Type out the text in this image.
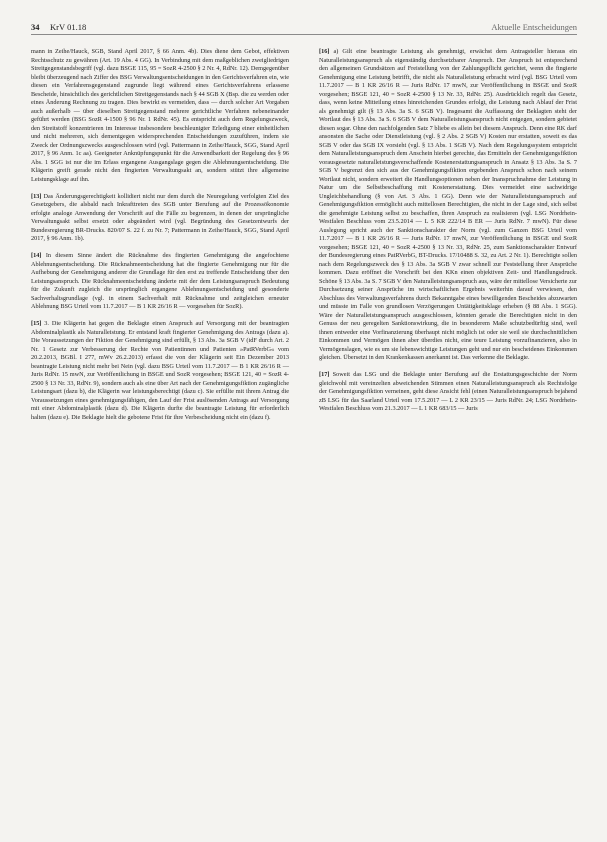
34 KrV 01.18	Aktuelle Entscheidungen

mann in Zeihe/Hauck, SGB, Stand April 2017, § 66 Anm. 4b). Dies diene dem Gebot, effektiven Rechtsschutz zu gewähren (Art. 19 Abs. 4 GG). In Verbindung mit dem maßgeblichen zweigliedrigen Streitgegenstandsbegriff (vgl. dazu BSGE 115, 95 = SozR 4-2500 § 2 Nr. 4, RdNr. 12). Demgegenüber bleibt überzeugend nach Ziffer des BSG Verwaltungsentscheidungen in den Gerichtsverfahren ein, wie diesen ein Verfahrensgegenstand zugrunde liegt während eines Gerichtsverfahrens erlassene Bescheide, hinsichtlich des gerichtlichen Streitgegenstands nach § 44 SGB X (Bsp. die zu werden oder eines Änderung Rechnung zu tragen. Dies bewirkt es vermeiden, dass — durch solcher Art Vorgaben auch außerhalb — über dieselben Streitgegenstand mehrere gerichtliche Verfahren nebeneinander geführt werden (BSG SozR 4-1500 § 96 Nr. 1 RdNr. 45). Es entspricht auch dem Regelungszweck, den Streitstoff konzentrieren im Interesse insbesondere beschleunigter Erledigung einer einheitlichen und nicht mehreren, sich dementgegen widersprechenden Entscheidungen zuzuführen, indem sie Zweck der Ordnungszwecks ausgeschlossen wird (vgl. Pattermann in Zeihe/Hauck, SGG, Stand April 2017, § 96 Anm. 1c aa). Geeigneter Anknüpfungspunkt für die Anwendbarkeit der Regelung des § 96 Abs. 1 SGG ist nur die im Erlass ergangene Ausgangslage gegen die Ablehnungsentscheidung. Die Klägerin greift gerade nicht den fingierten Verwaltungsakt an, sondern stützt ihre allgemeine Leistungsklage auf ihn.

[13] Das Änderungsgerechtigkeit kollidiert nicht nur dem durch die Neuregelung verfolgten Ziel des Gesetzgebers, die alsbald nach Inkrafttreten des SGB unter Berufung auf die Prozessökonomie erfolgte analoge Anwendung der Vorschrift auf die Fälle zu begrenzen, in denen der ursprüngliche Verwaltungsakt selbst ersetzt oder abgeändert wird (vgl. Begründung des Gesetzentwurfs der Bundesregierung BR-Drucks. 820/07 S. 22 f. zu Nr. 7; Pattermann in Zeihe/Hauck, SGG, Stand April 2017, § 96 Anm. 1b).

[14] In diesem Sinne ändert die Rücknahme des fingierten Genehmigung die angefochtene Ablehnungsentscheidung. Die Rücknahmeentscheidung hat die fingierte Genehmigung nur für die Aufhebung der Genehmigung anderer die Grundlage für den erst zu treffende Entscheidung über den Leistungsanspruch. Die Rücknahmeentscheidung änderte mit der dem Leistungsanspruch Bedeutung für die Zukunft zugleich die ursprünglich ergangene Ablehnungsentscheidung und gesonderte Sachverhaltsgrundlage (vgl. in einem Sachverhalt mit Rücknahme und zeitgleichen erneuter Ablehnung BSG Urteil vom 11.7.2017 — B 1 KR 26/16 R — vorgesehen für SozR).

[15] 3. Die Klägerin hat gegen die Beklagte einen Anspruch auf Versorgung mit der beantragten Abdominalplastik als Naturalleistung. Er entstand kraft fingierter Genehmigung des Antrags (dazu a). Die Voraussetzungen der Fiktion der Genehmigung sind erfüllt, § 13 Abs. 3a SGB V (idF durch Art. 2 Nr. 1 Gesetz zur Verbesserung der Rechte von Patientinnen und Patienten »PatRVerbG« vom 20.2.2013, BGBl. I 277, mWv 26.2.2013) erfasst die von der Klägerin seit Ein Dezember 2013 beantragte Leistung nicht mehr bei Nein (vgl. dazu BSG Urteil vom 11.7.2017 — B 1 KR 26/16 R — Juris RdNr. 15 mwN, zur Veröffentlichung in BSGE und SozR vorgesehen; BSGE 121, 40 = SozR 4-2500 § 13 Nr. 33, RdNr. 9), sondern auch als eine über Art nach der Genehmigungsfiktion zugängliche Leistungsart (dazu b), die Klägerin war leistungsberechtigt (dazu c). Sie erfüllte mit ihrem Antrag die Voraussetzungen eines genehmigungsfähigen, den Lauf der Frist auslösenden Antrags auf Versorgung mit einer Abdominalplastik (dazu d). Die Klägerin durfte die beantragte Leistung für erforderlich halten (dazu e). Die Beklagte hielt die gebotene Frist für ihre Verbescheidung nicht ein (dazu f).

[16] a) Gilt eine beantragte Leistung als genehmigt, erwächst dem Antragsteller hieraus ein Naturalleistungsanspruch als eigenständig durchsetzbarer Anspruch. Der Anspruch ist entsprechend den allgemeinen Grundsätzen auf Freistellung von der Zahlungspflicht gerichtet, wenn die fingierte Genehmigung eine Leistung betrifft, die nicht als Naturalleistung erbracht wird (vgl. BSG Urteil vom 11.7.2017 — B 1 KR 26/16 R — Juris RdNr. 17 mwN, zur Veröffentlichung in BSGE und SozR vorgesehen; BSGE 121, 40 = SozR 4-2500 § 13 Nr. 33, RdNr. 25). Ausdrücklich regelt das Gesetz, dass, wenn keine Mitteilung eines hinreichenden Grundes erfolgt, die Leistung nach Ablauf der Frist als genehmigt gilt (§ 13 Abs. 3a S. 6 SGB V). Insgesamt die Auffassung der Beklagten steht der Wortlaut des § 13 Abs. 3a S. 6 SGB V dem Naturalleistungsanspruch nicht entgegen, sondern gebietet diesen sogar. Ohne den nachfolgenden Satz 7 bliebe es allein bei diesem Anspruch. Denn eine RK darf ansonsten die Sache oder Dienstleistung (vgl. § 2 Abs. 2 SGB V) Kosten nur erstatten, soweit es das SGB V oder das SGB IX vorsieht (vgl. § 13 Abs. 1 SGB V). Nach dem Regelungssystem entspricht dem Naturalleistungsanspruch dem Anschein hierbei gerechte, das Ermitteln der Genehmigungsfiktion vorausgesetzte naturalleistungsverschaffende Kostenerstattungsanspruch in Ansatz § 13 Abs. 3a S. 7 SGB V begrenzt den sich aus der Genehmigungsfiktion ergebenden Anspruch schon nach seinem Wortlaut nicht, sondern erweitert die Handlungsoptionen neben der Inanspruchnahme der Leistung in Natur um die Selbstbeschaffung mit Kostenerstattung. Dies vermeidet eine sachwidrige Ungleichbehandlung (§ von Art. 3 Abs. 1 GG). Denn wie der Naturalleistungsanspruch auf Genehmigungsfiktion ermöglicht auch mittellosen Berechtigten, die nicht in der Lage sind, sich selbst die genehmigte Leistung selbst zu beschaffen, ihren Anspruch zu realisieren (vgl. LSG Nordrhein-Westfalen Beschluss vom 23.5.2014 — L 5 KR 222/14 B ER — Juris RdNr. 7 mwN). Für diese Auslegung spricht auch der Sanktionscharakter der Norm (vgl. zum Ganzen BSG Urteil vom 11.7.2017 — B 1 KR 26/16 R — Juris RdNr. 17 mwN, zur Veröffentlichung in BSGE und SozR vorgesehen; BSGE 121, 40 = SozR 4-2500 § 13 Nr. 33, RdNr. 25, zum Sanktionscharakter Entwurf der Bundesregierung eines PatRVerbG, BT-Drucks. 17/10488 S. 32, zu Art. 2 Nr. 1). Berechtigte sollen nach dem Regelungszweck des § 13 Abs. 3a SGB V zwar schnell zur Feststellung ihrer Ansprüche kommen. Dazu eröffnet die Vorschrift bei den KKn einen objektiven Zeit- und Handlungsdruck. Schöne § 13 Abs. 3a S. 7 SGB V den Naturalleistungsanspruch aus, wäre der mittellose Versicherte zur Durchsetzung seiner Ansprüche im wirtschaftlichen Ergebnis weiterhin darauf verwiesen, den Abschluss des Verwaltungsverfahrens durch Bekanntgabe eines bewilligenden Bescheides abzuwarten und müsste im Falle von grundlosen Verzögerungen Untätigkeitsklage erheben (§ 88 Abs. 1 SGG). Wäre der Naturalleistungsanspruch ausgeschlossen, könnten gerade die Berechtigten nicht in den Genuss der neu geregelten Sanktionswirkung, die in besonderem Maße schutzbedürftig sind, weil ihnen entweder eine Vorfinanzierung überhaupt nicht möglich ist oder sie weil sie durchschnittlichen Einkommen und Vermögen ihnen aber überdies nicht, eine teure Leistung vorzufinanzieren, also in Vermögenslagen, wie es um sie lebenswichtige Leistungen geht und nur ein bescheidenes Einkommen gleichen. Übersetzt in den Krankenkassen anerkannt ist. Das verkenne die Beklagte.

[17] Soweit das LSG und die Beklagte unter Berufung auf die Erstattungsgeschichte der Norm gleichwohl mit vereinzelten abweichenden Stimmen einen Naturalleistungsanspruch als Rechtsfolge der Genehmigungsfiktion verneinen, geht diese Ansicht fehl (einen Naturalleistungsanspruch bejahend zB LSG für das Saarland Urteil vom 17.5.2017 — L 2 KR 23/15 — Juris RdNr. 24; LSG Nordrhein-Westfalen Beschluss vom 21.3.2017 — L 1 KR 683/15 — Juris
